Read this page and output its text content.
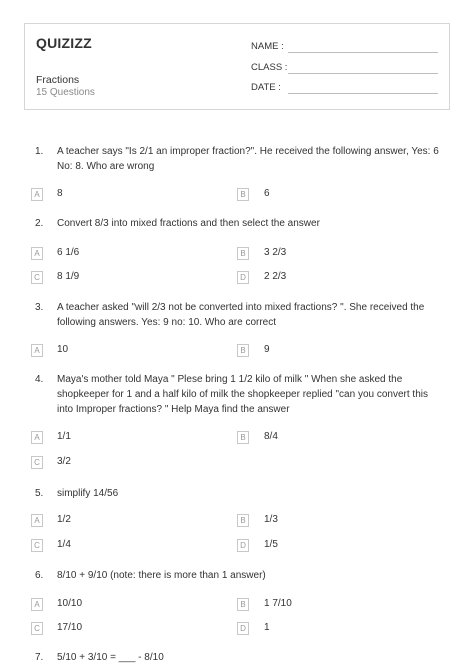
QUIZIZZ
Fractions
15 Questions
NAME :
CLASS :
DATE :
1. A teacher says "Is 2/1 an improper fraction?". He received the following answer, Yes: 6
No: 8. Who are wrong
A	8	B	6
2. Convert 8/3 into mixed fractions and then select the answer
A	6 1/6	B	3 2/3
C	8 1/9	D	2 2/3
3. A teacher asked "will 2/3 not be converted into mixed fractions? ". She received the
following answers. Yes: 9 no: 10. Who are correct
A	10	B	9
4. Maya's mother told Maya " Plese bring 1 1/2 kilo of milk " When she asked the
shopkeeper for 1 and a half kilo of milk the shopkeeper replied "can you convert this
into Improper fractions? " Help Maya find the answer
A	1/1	B	8/4
C	3/2
5. simplify 14/56
A	1/2	B	1/3
C	1/4	D	1/5
6. 8/10 + 9/10 (note: there is more than 1 answer)
A	10/10	B	1 7/10
C	17/10	D	1
7. 5/10 + 3/10 = ___ - 8/10
